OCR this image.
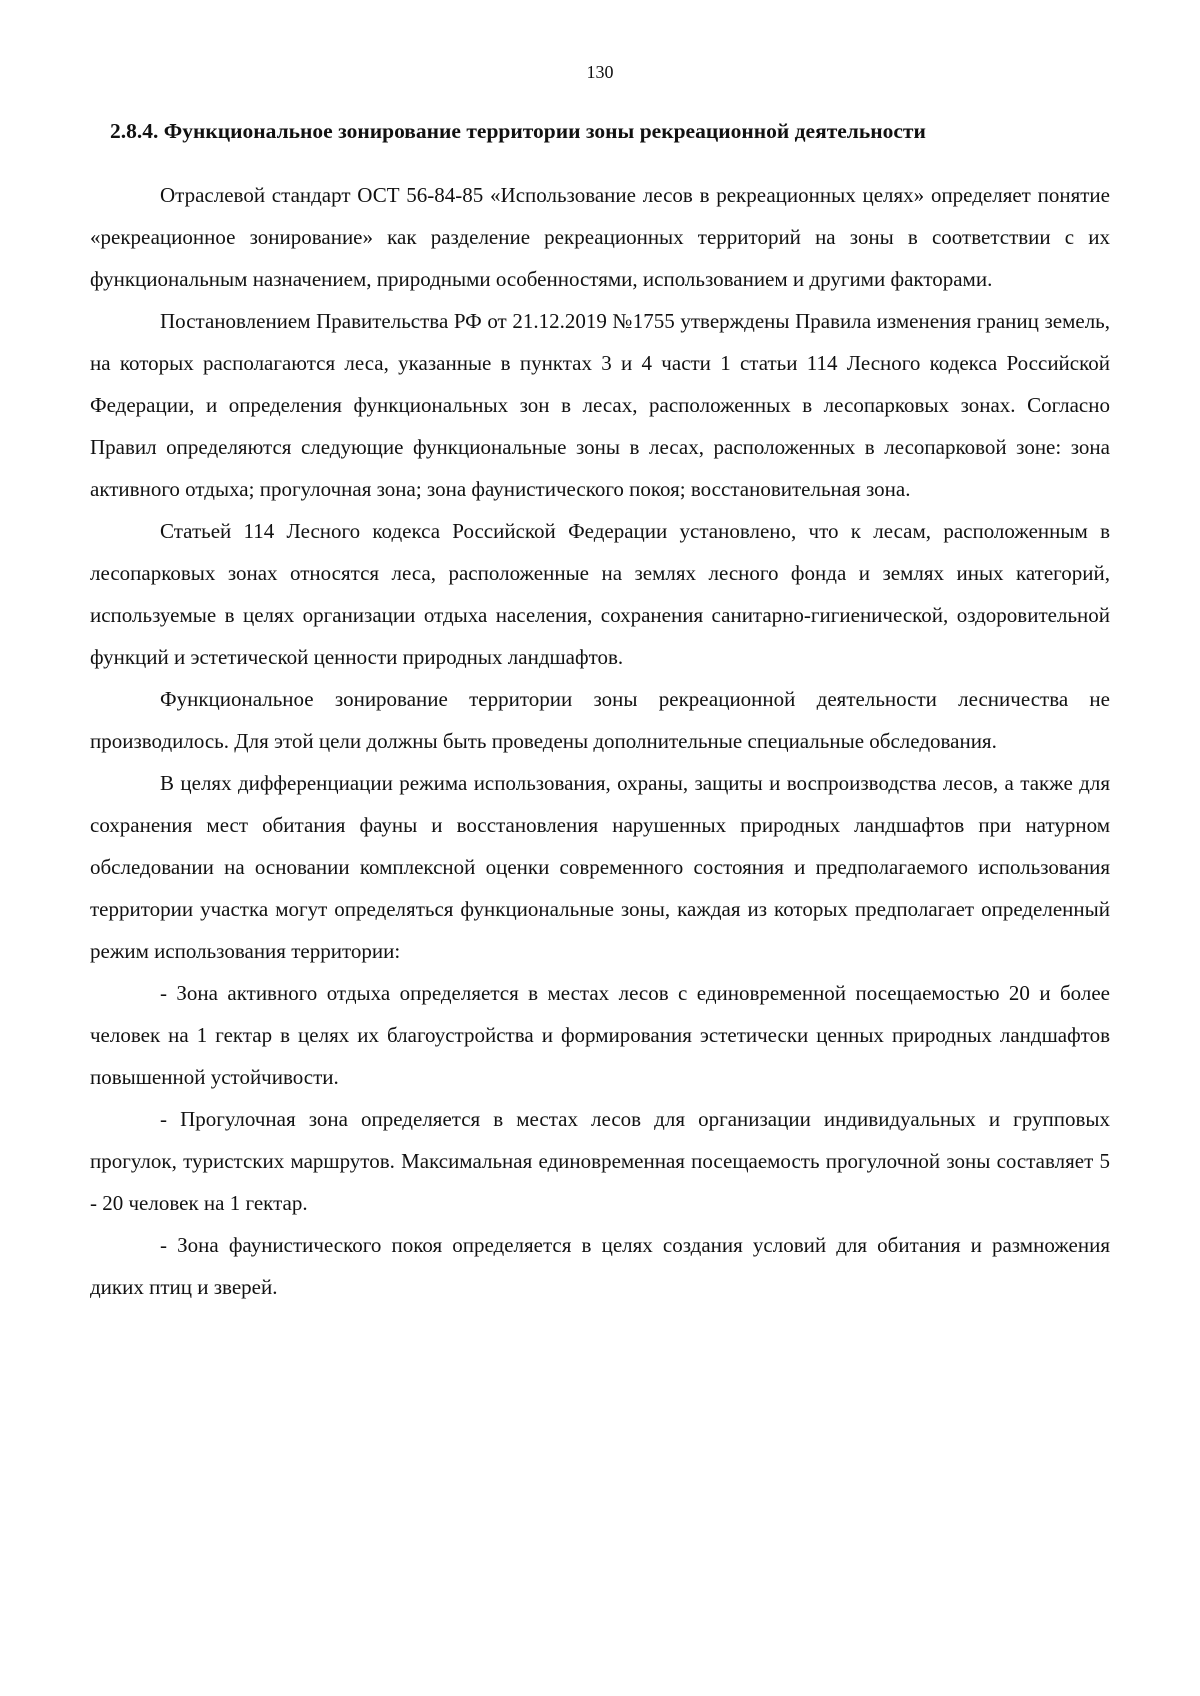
130
2.8.4. Функциональное зонирование территории зоны рекреационной деятельности

Отраслевой стандарт ОСТ 56-84-85 «Использование лесов в рекреационных целях» определяет понятие «рекреационное зонирование» как разделение рекреационных территорий на зоны в соответствии с их функциональным назначением, природными особенностями, использованием и другими факторами.

Постановлением Правительства РФ от 21.12.2019 №1755 утверждены Правила изменения границ земель, на которых располагаются леса, указанные в пунктах 3 и 4 части 1 статьи 114 Лесного кодекса Российской Федерации, и определения функциональных зон в лесах, расположенных в лесопарковых зонах. Согласно Правил определяются следующие функциональные зоны в лесах, расположенных в лесопарковой зоне: зона активного отдыха; прогулочная зона; зона фаунистического покоя; восстановительная зона.

Статьей 114 Лесного кодекса Российской Федерации установлено, что к лесам, расположенным в лесопарковых зонах относятся леса, расположенные на землях лесного фонда и землях иных категорий, используемые в целях организации отдыха населения, сохранения санитарно-гигиенической, оздоровительной функций и эстетической ценности природных ландшафтов.

Функциональное зонирование территории зоны рекреационной деятельности лесничества не производилось. Для этой цели должны быть проведены дополнительные специальные обследования.

В целях дифференциации режима использования, охраны, защиты и воспроизводства лесов, а также для сохранения мест обитания фауны и восстановления нарушенных природных ландшафтов при натурном обследовании на основании комплексной оценки современного состояния и предполагаемого использования территории участка могут определяться функциональные зоны, каждая из которых предполагает определенный режим использования территории:

- Зона активного отдыха определяется в местах лесов с единовременной посещаемостью 20 и более человек на 1 гектар в целях их благоустройства и формирования эстетически ценных природных ландшафтов повышенной устойчивости.

- Прогулочная зона определяется в местах лесов для организации индивидуальных и групповых прогулок, туристских маршрутов. Максимальная единовременная посещаемость прогулочной зоны составляет 5 - 20 человек на 1 гектар.

- Зона фаунистического покоя определяется в целях создания условий для обитания и размножения диких птиц и зверей.
